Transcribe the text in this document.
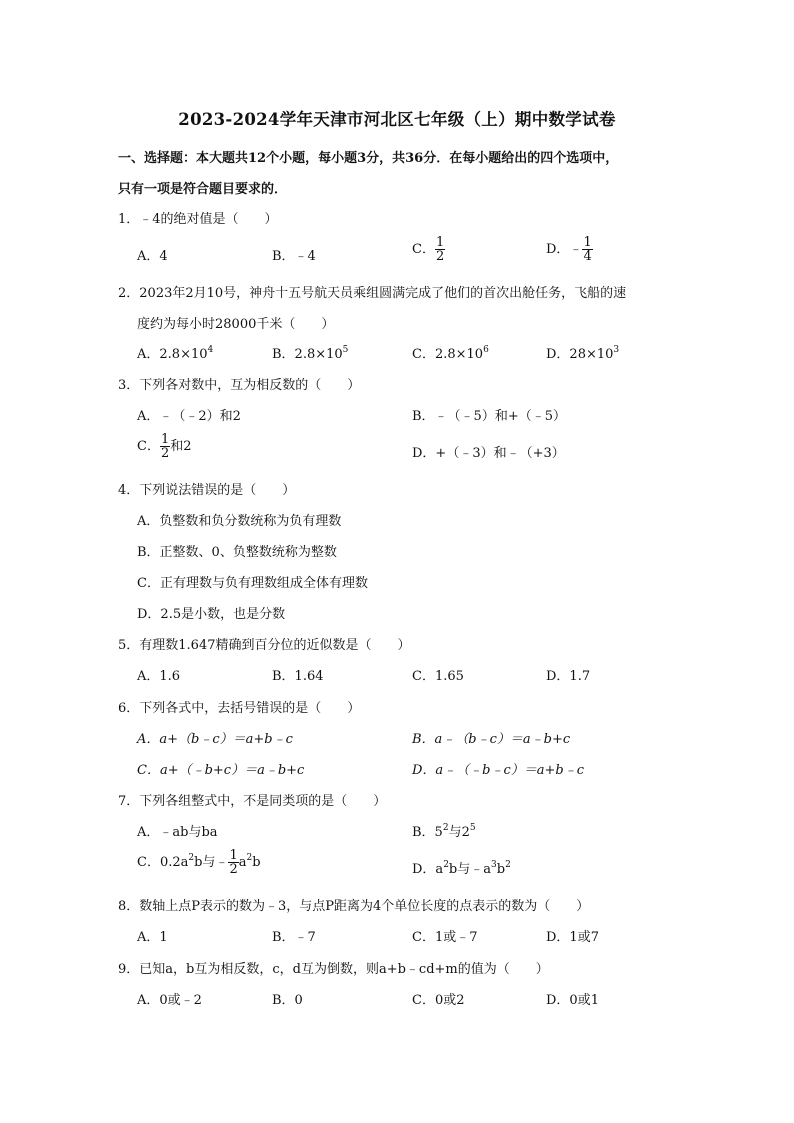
2023-2024学年天津市河北区七年级（上）期中数学试卷
一、选择题：本大题共12个小题，每小题3分，共36分．在每小题给出的四个选项中，
只有一项是符合题目要求的．
1．﹣4的绝对值是（　　）
A．4	B．﹣4	C． $\frac{1}{2}$	D．﹣ $\frac{1}{4}$
2．2023年2月10号，神舟十五号航天员乘组圆满完成了他们的首次出舱任务，飞船的速
度约为每小时28000千米（　　）
A．$2.8\times 10^4$	B．$2.8\times 10^5$	C．$2.8\times 10^6$	D．$28\times 10^3$
3．下列各对数中，互为相反数的（　　）
A．﹣（﹣2）和2	B．﹣（﹣5）和+（﹣5）
C． $\frac{1}{2}$ 和2	D．+（﹣3）和﹣（+3）
4．下列说法错误的是（　　）
A．负整数和负分数统称为负有理数
B．正整数、0、负整数统称为整数
C．正有理数与负有理数组成全体有理数
D．2.5是小数，也是分数
5．有理数1.647精确到百分位的近似数是（　　）
A．1.6	B．1.64	C．1.65	D．1.7
6．下列各式中，去括号错误的是（　　）
A．a+（b﹣c）＝a+b﹣c	B．a﹣（b﹣c）＝a﹣b+c
C．a+（﹣b+c）＝a﹣b+c	D．a﹣（﹣b﹣c）＝a+b﹣c
7．下列各组整式中，不是同类项的是（　　）
A．﹣ab与ba	B．$5^2$与$2^5$
C．$0.2a^2b$与﹣ $\frac{1}{2} a^2b$	D．$a^2b$与$﹣a^3b^2$
8．数轴上点P表示的数为﹣3，与点P距离为4个单位长度的点表示的数为（　　）
A．1	B．﹣7	C．1或﹣7	D．1或7
9．已知a，b互为相反数，c，d互为倒数，则a+b﹣cd+m的值为（　　）
A．0或﹣2	B．0	C．0或2	D．0或1
